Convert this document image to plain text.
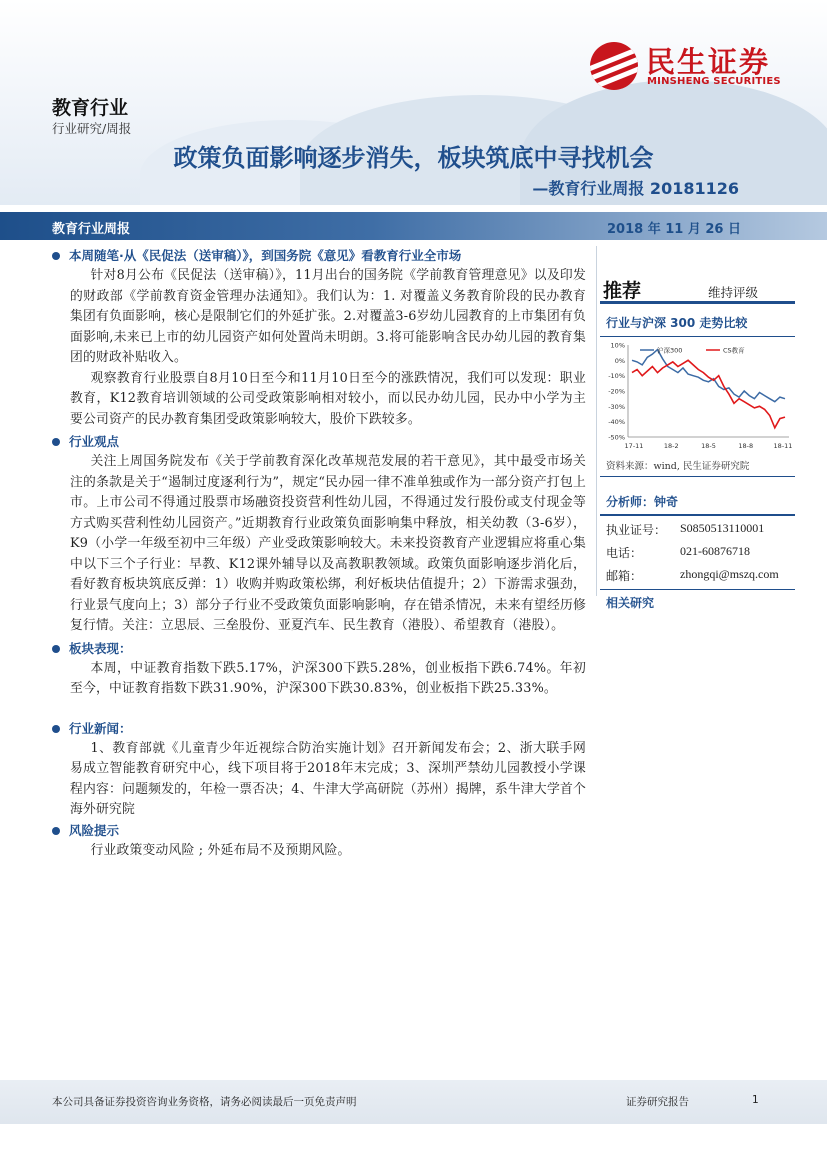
民生证券
MINSHENG SECURITIES
教育行业
行业研究/周报
政策负面影响逐步消失，板块筑底中寻找机会
—教育行业周报 20181126
教育行业周报	2018 年 11 月 26 日
本周随笔·从《民促法（送审稿）》，到国务院《意见》看教育行业全市场
针对8月公布《民促法（送审稿）》，11月出台的国务院《学前教育管理意见》以及印发的财政部《学前教育资金管理办法通知》。我们认为：1. 对覆盖义务教育阶段的民办教育集团有负面影响，核心是限制它们的外延扩张。2.对覆盖3-6岁幼儿园教育的上市集团有负面影响,未来已上市的幼儿园资产如何处置尚未明朗。3.将可能影响含民办幼儿园的教育集团的财政补贴收入。
观察教育行业股票自8月10日至今和11月10日至今的涨跌情况，我们可以发现：职业教育，K12教育培训领域的公司受政策影响相对较小，而以民办幼儿园，民办中小学为主要公司资产的民办教育集团受政策影响较大，股价下跌较多。
行业观点
关注上周国务院发布《关于学前教育深化改革规范发展的若干意见》，其中最受市场关注的条款是关于“遏制过度逐利行为”，规定“民办园一律不准单独或作为一部分资产打包上市。上市公司不得通过股票市场融资投资营利性幼儿园，不得通过发行股份或支付现金等方式购买营利性幼儿园资产。”近期教育行业政策负面影响集中释放，相关幼教（3-6岁），K9（小学一年级至初中三年级）产业受政策影响较大。未来投资教育产业逻辑应将重心集中以下三个子行业：早教、K12课外辅导以及高教职教领域。政策负面影响逐步消化后，看好教育板块筑底反弹：1）收购并购政策松绑，利好板块估值提升；2）下游需求强劲，行业景气度向上；3）部分子行业不受政策负面影响影响，存在错杀情况，未来有望经历修复行情。关注：立思辰、三垒股份、亚夏汽车、民生教育（港股）、希望教育（港股）。
板块表现：
本周，中证教育指数下跌5.17%，沪深300下跌5.28%，创业板指下跌6.74%。年初至今，中证教育指数下跌31.90%，沪深300下跌30.83%，创业板指下跌25.33%。
行业新闻：
1、教育部就《儿童青少年近视综合防治实施计划》召开新闻发布会；2、浙大联手网易成立智能教育研究中心，线下项目将于2018年末完成；3、深圳严禁幼儿园教授小学课程内容：问题频发的，年检一票否决；4、牛津大学高研院（苏州）揭牌，系牛津大学首个海外研究院
风险提示
行业政策变动风险 ; 外延布局不及预期风险。
推荐	维持评级
行业与沪深 300 走势比较
10%
0%
-10%
-20%
-30%
-40%
-50%
17-11	18-2	18-5	18-8	18-11
沪深300	CS教育
资料来源：wind, 民生证券研究院
分析师：钟奇
执业证号： S0850513110001
电话：	021-60876718
邮箱：	zhongqi@mszq.com
相关研究
本公司具备证券投资咨询业务资格，请务必阅读最后一页免责声明	证券研究报告	1
